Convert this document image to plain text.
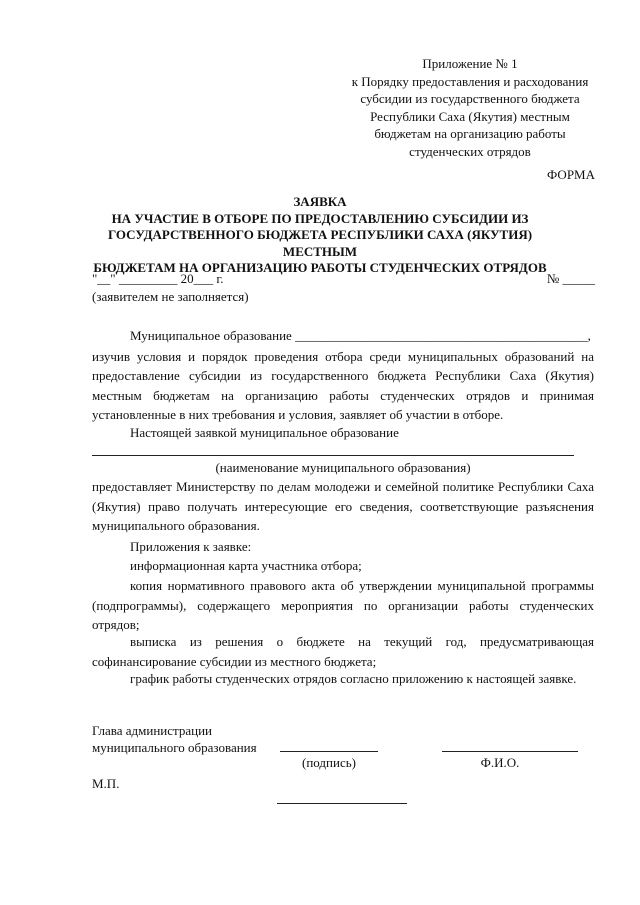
Приложение № 1
к Порядку предоставления и расходования
субсидии из государственного бюджета
Республики Саха (Якутия) местным
бюджетам на организацию работы
студенческих отрядов
ФОРМА
ЗАЯВКА
НА УЧАСТИЕ В ОТБОРЕ ПО ПРЕДОСТАВЛЕНИЮ СУБСИДИИ ИЗ
ГОСУДАРСТВЕННОГО БЮДЖЕТА РЕСПУБЛИКИ САХА (ЯКУТИЯ) МЕСТНЫМ
БЮДЖЕТАМ НА ОРГАНИЗАЦИЮ РАБОТЫ СТУДЕНЧЕСКИХ ОТРЯДОВ
"__" _________ 20___ г.	№ _____
(заявителем не заполняется)
Муниципальное образование _____________________________________________,
изучив условия и порядок проведения отбора среди муниципальных образований на предоставление субсидии из государственного бюджета Республики Саха (Якутия) местным бюджетам на организацию работы студенческих отрядов и принимая установленные в них требования и условия, заявляет об участии в отборе.
Настоящей заявкой муниципальное образование
(наименование муниципального образования)
предоставляет Министерству по делам молодежи и семейной политике Республики Саха (Якутия) право получать интересующие его сведения, соответствующие разъяснения муниципального образования.
Приложения к заявке:
информационная карта участника отбора;
копия нормативного правового акта об утверждении муниципальной программы (подпрограммы), содержащего мероприятия по организации работы студенческих отрядов;
выписка из решения о бюджете на текущий год, предусматривающая софинансирование субсидии из местного бюджета;
график работы студенческих отрядов согласно приложению к настоящей заявке.
Глава администрации
муниципального образования
(подпись)	Ф.И.О.
М.П.
